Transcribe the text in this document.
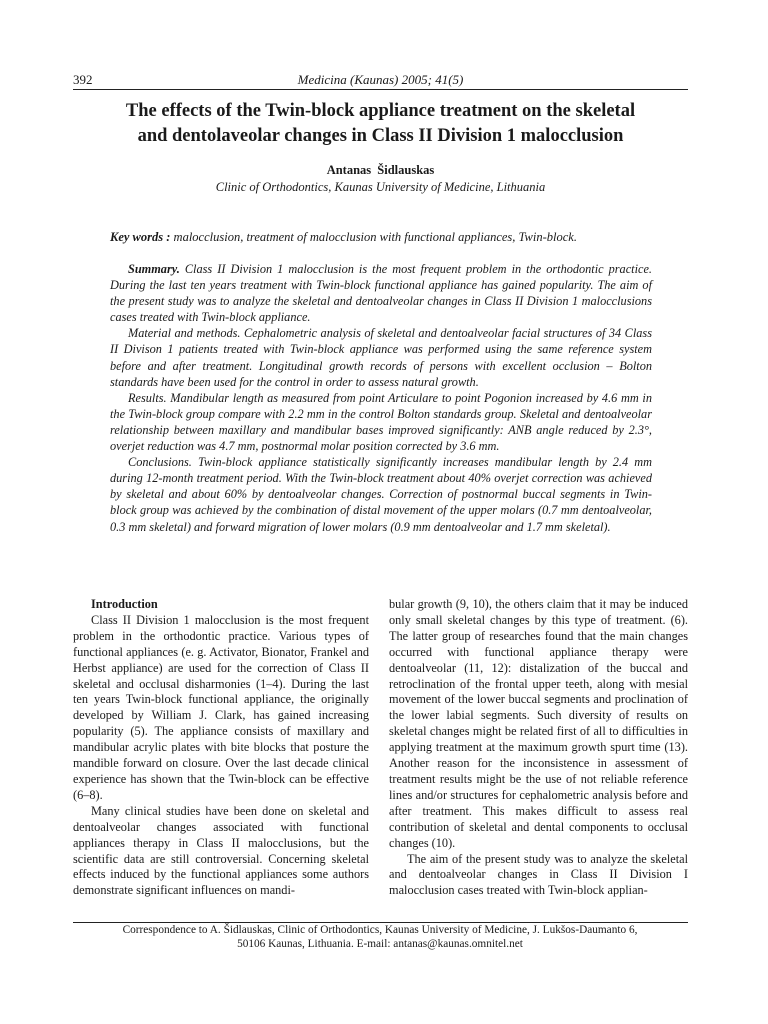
392	Medicina (Kaunas) 2005; 41(5)
The effects of the Twin-block appliance treatment on the skeletal
and dentolaveolar changes in Class II Division 1 malocclusion
Antanas Šidlauskas
Clinic of Orthodontics, Kaunas University of Medicine, Lithuania
Key words : malocclusion, treatment of malocclusion with functional appliances, Twin-block.

Summary. Class II Division 1 malocclusion is the most frequent problem in the orthodontic practice. During the last ten years treatment with Twin-block functional appliance has gained popularity. The aim of the present study was to analyze the skeletal and dentoalveolar changes in Class II Division 1 malocclusions cases treated with Twin-block appliance.

Material and methods. Cephalometric analysis of skeletal and dentoalveolar facial structures of 34 Class II Divison 1 patients treated with Twin-block appliance was performed using the same reference system before and after treatment. Longitudinal growth records of persons with excellent occlusion – Bolton standards have been used for the control in order to assess natural growth.

Results. Mandibular length as measured from point Articulare to point Pogonion increased by 4.6 mm in the Twin-block group compare with 2.2 mm in the control Bolton standards group. Skeletal and dentoalveolar relationship between maxillary and mandibular bases improved significantly: ANB angle reduced by 2.3°, overjet reduction was 4.7 mm, postnormal molar position corrected by 3.6 mm.

Conclusions. Twin-block appliance statistically significantly increases mandibular length by 2.4 mm during 12-month treatment period. With the Twin-block treatment about 40% overjet correction was achieved by skeletal and about 60% by dentoalveolar changes. Correction of postnormal buccal segments in Twin-block group was achieved by the combination of distal movement of the upper molars (0.7 mm dentoalveolar, 0.3 mm skeletal) and forward migration of lower molars (0.9 mm dentoalveolar and 1.7 mm skeletal).

Introduction

Class II Division 1 malocclusion is the most frequent problem in the orthodontic practice. Various types of functional appliances (e. g. Activator, Bionator, Frankel and Herbst appliance) are used for the correction of Class II skeletal and occlusal disharmonies (1–4). During the last ten years Twin-block functional appliance, the originally developed by William J. Clark, has gained increasing popularity (5). The appliance consists of maxillary and mandibular acrylic plates with bite blocks that posture the mandible forward on closure. Over the last decade clinical experience has shown that the Twin-block can be effective (6–8).

Many clinical studies have been done on skeletal and dentoalveolar changes associated with functional appliances therapy in Class II malocclusions, but the scientific data are still controversial. Concerning skeletal effects induced by the functional appliances some authors demonstrate significant influences on mandi-

bular growth (9, 10), the others claim that it may be induced only small skeletal changes by this type of treatment. (6). The latter group of researches found that the main changes occurred with functional appliance therapy were dentoalveolar (11, 12): distalization of the buccal and retroclination of the frontal upper teeth, along with mesial movement of the lower buccal segments and proclination of the lower labial segments. Such diversity of results on skeletal changes might be related first of all to difficulties in applying treatment at the maximum growth spurt time (13). Another reason for the inconsistence in assessment of treatment results might be the use of not reliable reference lines and/or structures for cephalometric analysis before and after treatment. This makes difficult to assess real contribution of skeletal and dental components to occlusal changes (10).

The aim of the present study was to analyze the skeletal and dentoalveolar changes in Class II Division I malocclusion cases treated with Twin-block applian-

Correspondence to A. Šidlauskas, Clinic of Orthodontics, Kaunas University of Medicine, J. Lukšos-Daumanto 6,
50106 Kaunas, Lithuania. E-mail: antanas@kaunas.omnitel.net
